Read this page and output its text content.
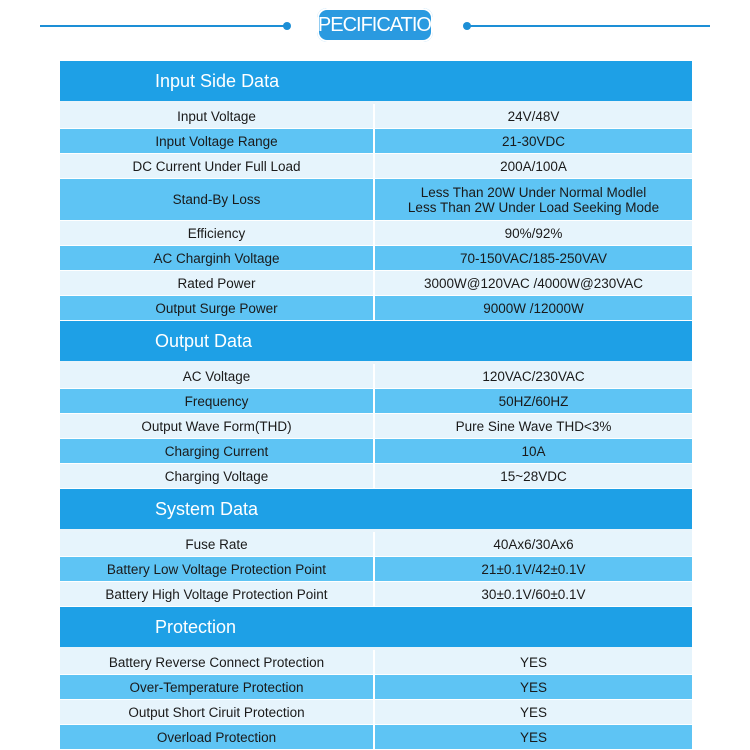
SPECIFICATION
Input Side Data
Input Voltage	24V/48V
Input Voltage Range	21-30VDC
DC Current Under Full Load	200A/100A
Stand-By Loss	Less Than 20W Under Normal Modlel
Less Than 2W Under Load Seeking Mode
Efficiency	90%/92%
AC Charginh Voltage	70-150VAC/185-250VAV
Rated Power	3000W@120VAC /4000W@230VAC
Output Surge Power	9000W /12000W
Output Data
AC Voltage	120VAC/230VAC
Frequency	50HZ/60HZ
Output Wave Form(THD)	Pure Sine Wave THD<3%
Charging Current	10A
Charging Voltage	15~28VDC
System Data
Fuse Rate	40Ax6/30Ax6
Battery Low Voltage Protection Point	21±0.1V/42±0.1V
Battery High Voltage Protection Point	30±0.1V/60±0.1V
Protection
Battery Reverse Connect Protection	YES
Over-Temperature Protection	YES
Output Short Ciruit Protection	YES
Overload Protection	YES
